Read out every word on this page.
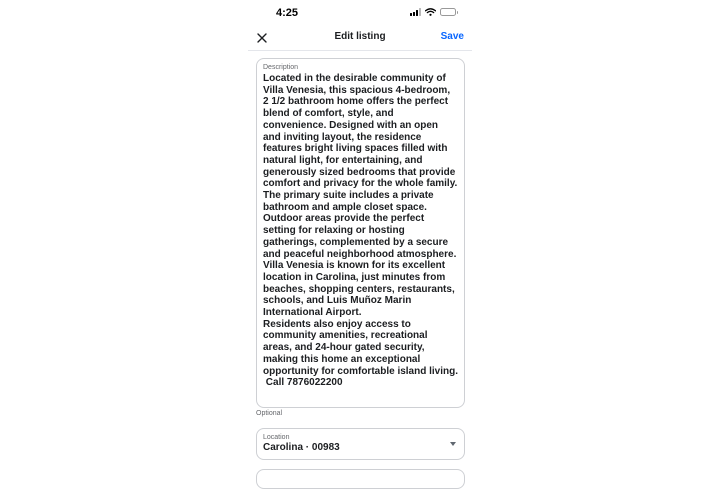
4:25
Edit listing	Save
Description

Located in the desirable community of Villa Venesia, this spacious 4-bedroom, 2 1/2 bathroom home offers the perfect blend of comfort, style, and convenience. Designed with an open and inviting layout, the residence features bright living spaces filled with natural light, for entertaining, and generously sized bedrooms that provide comfort and privacy for the whole family. The primary suite includes a private bathroom and ample closet space. Outdoor areas provide the perfect setting for relaxing or hosting gatherings, complemented by a secure and peaceful neighborhood atmosphere. Villa Venesia is known for its excellent location in Carolina, just minutes from beaches, shopping centers, restaurants, schools, and Luis Muñoz Marin International Airport.
Residents also enjoy access to community amenities, recreational areas, and 24-hour gated security, making this home an exceptional opportunity for comfortable island living.
Call 7876022200

Optional
Location
Carolina · 00983
